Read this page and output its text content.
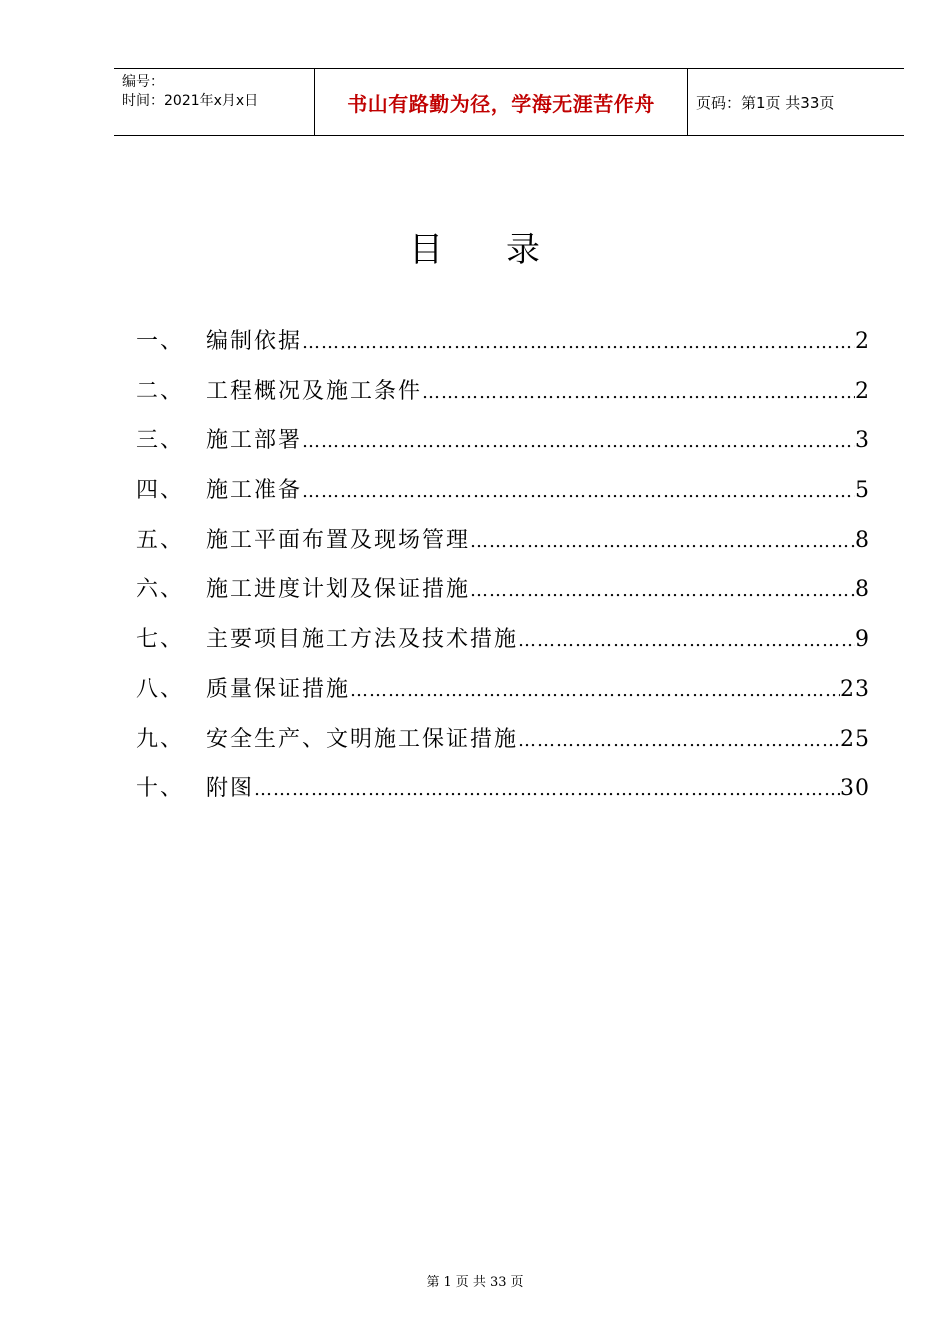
编号：
时间：2021年x月x日	书山有路勤为径，学海无涯苦作舟	页码：第1页 共33页
目 录
一、 编制依据 …………………………………………………………………………………………………………………………………………………………………………	2
二、 工程概况及施工条件 …………………………………………………………………………………………………………………………………………………………………………	2
三、 施工部署 …………………………………………………………………………………………………………………………………………………………………………	3
四、 施工准备 …………………………………………………………………………………………………………………………………………………………………………	5
五、 施工平面布置及现场管理 …………………………………………………………………………………………………………………………………………………………………………	8
六、 施工进度计划及保证措施 …………………………………………………………………………………………………………………………………………………………………………	8
七、 主要项目施工方法及技术措施 …………………………………………………………………………………………………………………………………………………………………………	9
八、 质量保证措施 …………………………………………………………………………………………………………………………………………………………………………	23
九、 安全生产、文明施工保证措施 …………………………………………………………………………………………………………………………………………………………………………	25
十、 附图 …………………………………………………………………………………………………………………………………………………………………………	30
第 1 页 共 33 页
